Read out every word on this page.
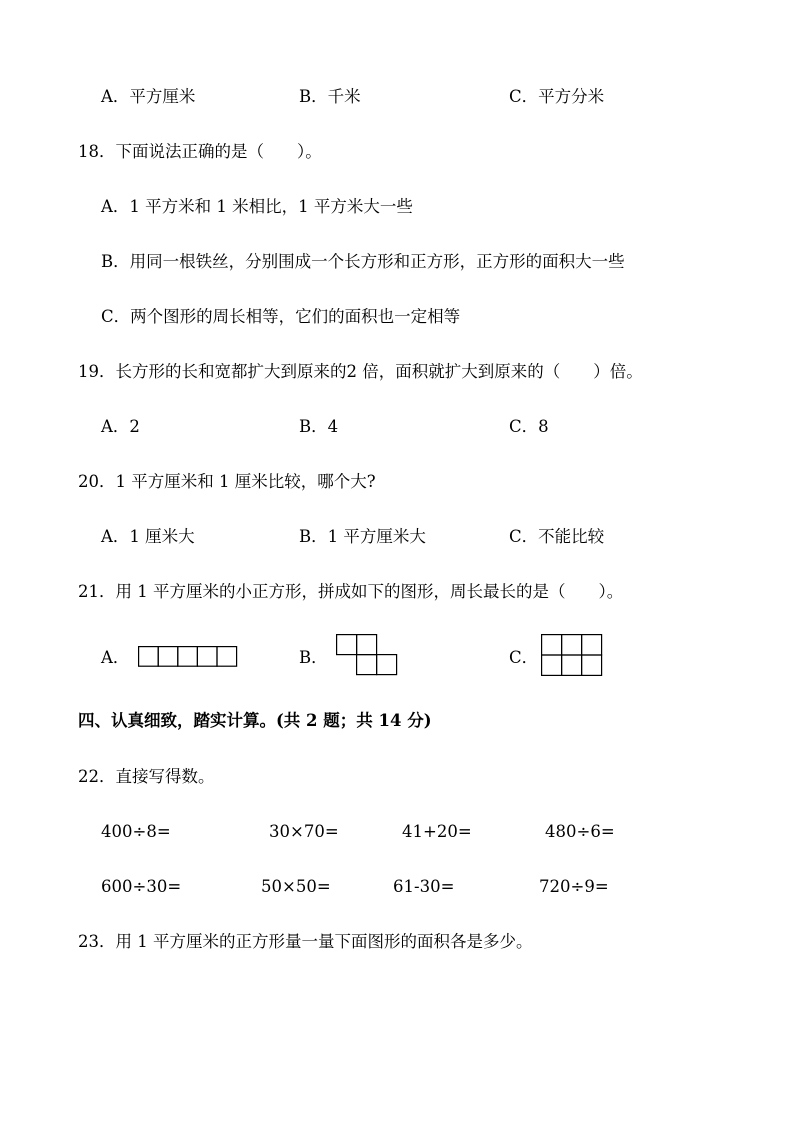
A．平方厘米	B．千米	C．平方分米
18．下面说法正确的是（　　）。
A．1 平方米和 1 米相比，1 平方米大一些
B．用同一根铁丝，分别围成一个长方形和正方形，正方形的面积大一些
C．两个图形的周长相等，它们的面积也一定相等
19．长方形的长和宽都扩大到原来的2 倍，面积就扩大到原来的（　　）倍。
A．2	B．4	C．8
20．1 平方厘米和 1 厘米比较，哪个大?
A．1 厘米大	B．1 平方厘米大	C．不能比较
21．用 1 平方厘米的小正方形，拼成如下的图形，周长最长的是（　　）。
A．	B．	C．
四、认真细致，踏实计算。(共 2 题；共 14 分)
22．直接写得数。
400÷8=	30×70=	41+20=	480÷6=
600÷30=	50×50=	61-30=	720÷9=
23．用 1 平方厘米的正方形量一量下面图形的面积各是多少。
